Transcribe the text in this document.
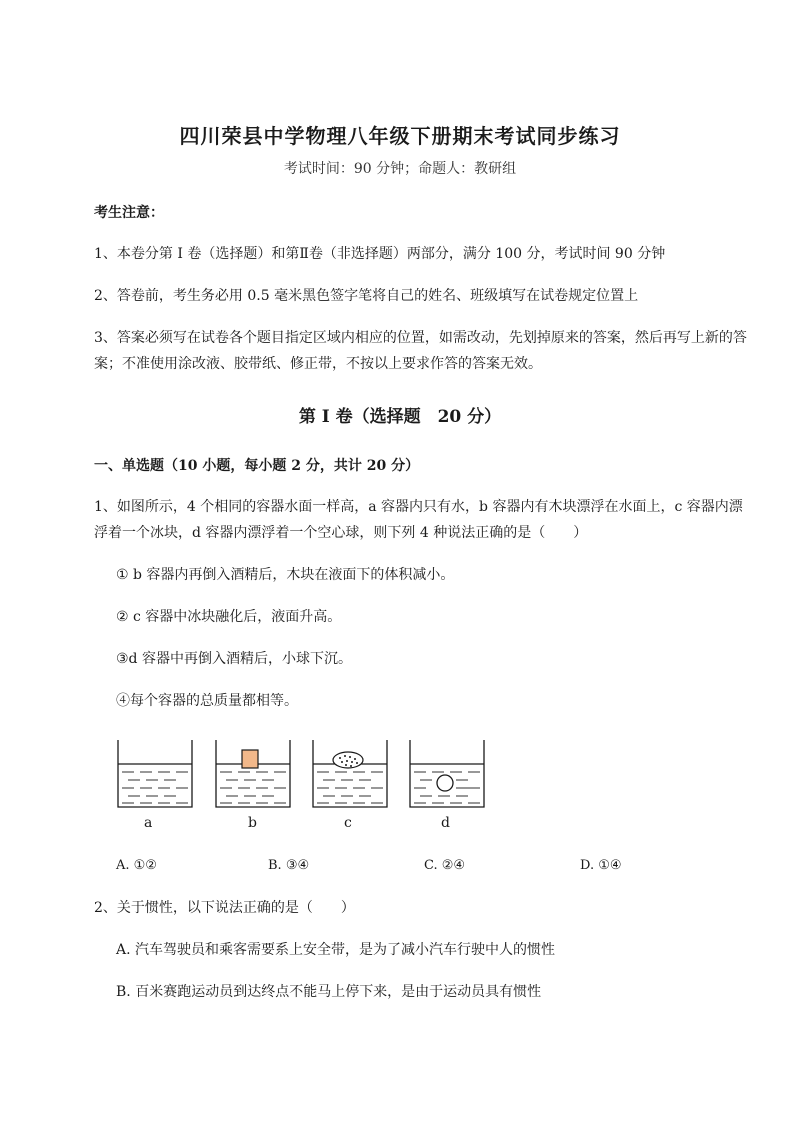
四川荣县中学物理八年级下册期末考试同步练习
考试时间：90 分钟；命题人：教研组
考生注意：
1、本卷分第 I 卷（选择题）和第Ⅱ卷（非选择题）两部分，满分 100 分，考试时间 90 分钟
2、答卷前，考生务必用 0.5 毫米黑色签字笔将自己的姓名、班级填写在试卷规定位置上
3、答案必须写在试卷各个题目指定区域内相应的位置，如需改动，先划掉原来的答案，然后再写上新的答案；不准使用涂改液、胶带纸、修正带，不按以上要求作答的答案无效。
第 I 卷（选择题　20 分）
一、单选题（10 小题，每小题 2 分，共计 20 分）
1、如图所示，4 个相同的容器水面一样高，a 容器内只有水，b 容器内有木块漂浮在水面上，c 容器内漂浮着一个冰块，d 容器内漂浮着一个空心球，则下列 4 种说法正确的是（　　）
① b 容器内再倒入酒精后，木块在液面下的体积减小。
② c 容器中冰块融化后，液面升高。
③d 容器中再倒入酒精后，小球下沉。
④每个容器的总质量都相等。
a	b	c	d
A. ①②	B. ③④	C. ②④	D. ①④
2、关于惯性，以下说法正确的是（　　）
A. 汽车驾驶员和乘客需要系上安全带，是为了减小汽车行驶中人的惯性
B. 百米赛跑运动员到达终点不能马上停下来，是由于运动员具有惯性
